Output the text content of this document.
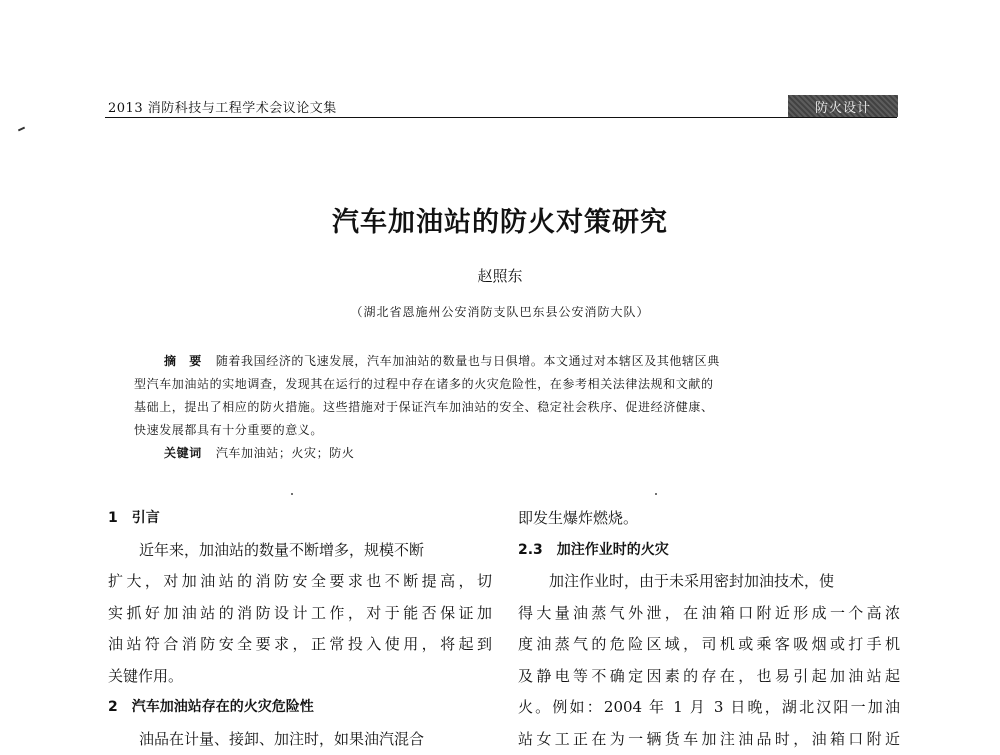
2013 消防科技与工程学术会议论文集	防火设计
汽车加油站的防火对策研究
赵照东
（湖北省恩施州公安消防支队巴东县公安消防大队）
摘　要 随着我国经济的飞速发展，汽车加油站的数量也与日俱增。本文通过对本辖区及其他辖区典
型汽车加油站的实地调查，发现其在运行的过程中存在诸多的火灾危险性，在参考相关法律法规和文献的
基础上，提出了相应的防火措施。这些措施对于保证汽车加油站的安全、稳定社会秩序、促进经济健康、
快速发展都具有十分重要的意义。
关键词 汽车加油站；火灾；防火
1　引言
近年来，加油站的数量不断增多，规模不断
扩大，对加油站的消防安全要求也不断提高，切
实抓好加油站的消防设计工作，对于能否保证加
油站符合消防安全要求，正常投入使用，将起到
关键作用。
2　汽车加油站存在的火灾危险性
油品在计量、接卸、加注时，如果油汽混合
即发生爆炸燃烧。
2.3　加注作业时的火灾
加注作业时，由于未采用密封加油技术，使
得大量油蒸气外泄，在油箱口附近形成一个高浓
度油蒸气的危险区域，司机或乘客吸烟或打手机
及静电等不确定因素的存在，也易引起加油站起
火。例如：2004 年 1 月 3 日晚，湖北汉阳一加油
站女工正在为一辆货车加注油品时，油箱口附近
